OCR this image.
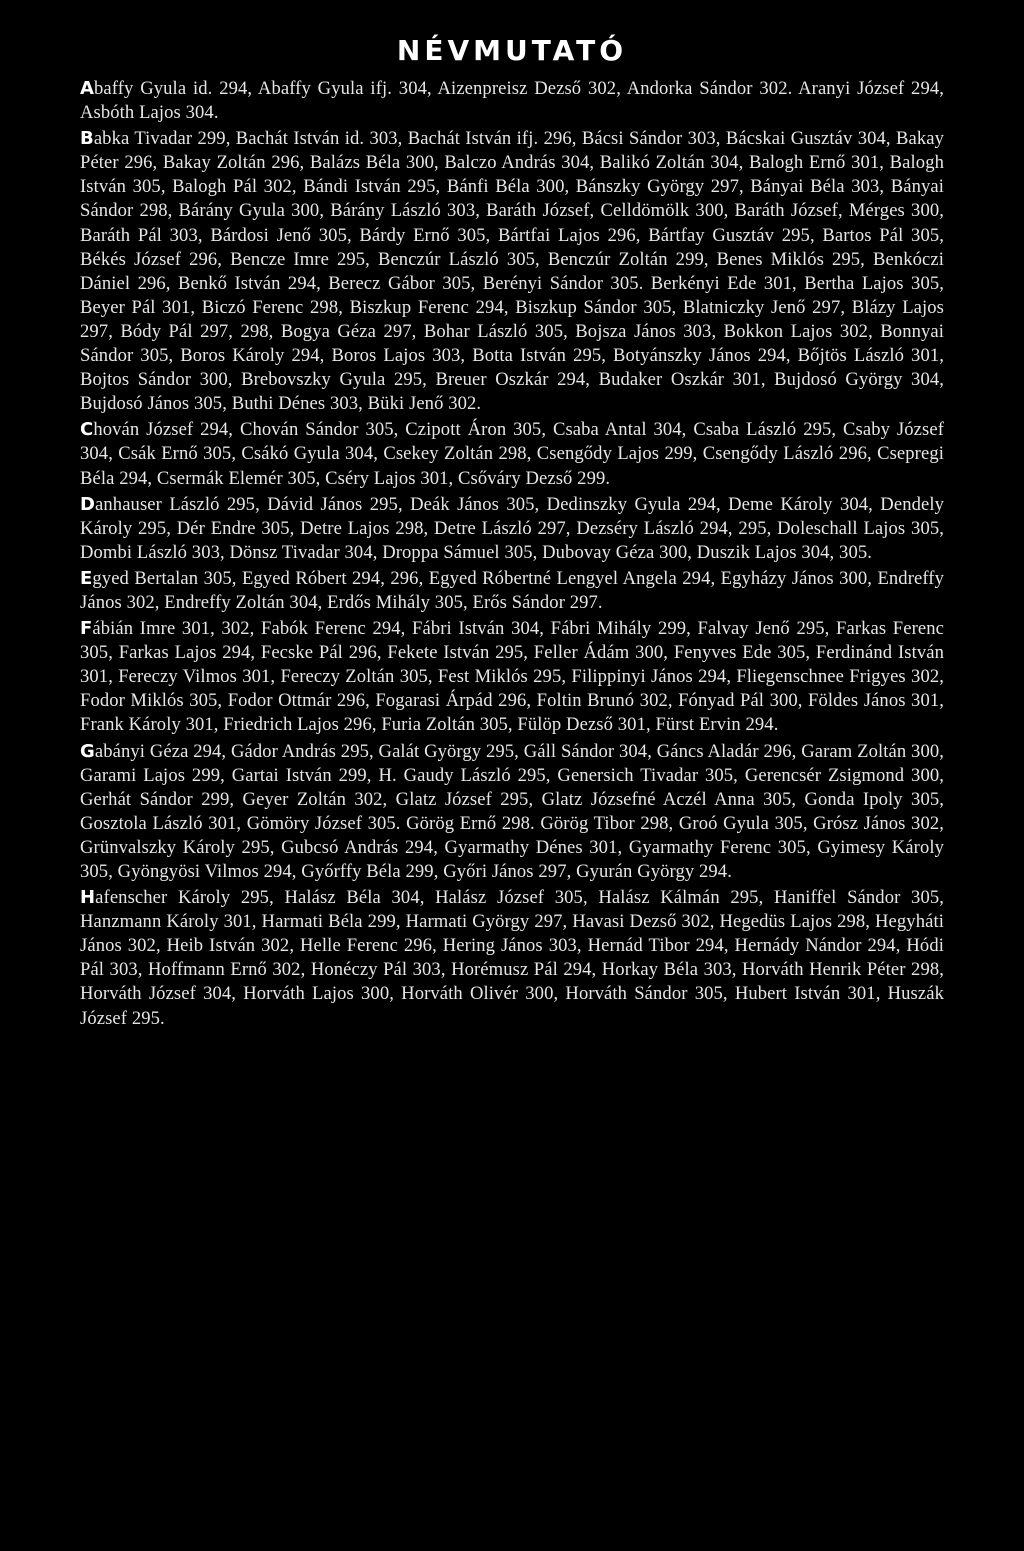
NÉVMUTATÓ

Abaffy Gyula id. 294, Abaffy Gyula ifj. 304, Aizenpreisz Dezső 302, Andorka Sándor 302. Aranyi József 294, Asbóth Lajos 304.

Babka Tivadar 299, Bachát István id. 303, Bachát István ifj. 296, Bácsi Sándor 303, Bácskai Gusztáv 304, Bakay Péter 296, Bakay Zoltán 296, Balázs Béla 300, Balczo András 304, Balikó Zoltán 304, Balogh Ernő 301, Balogh István 305, Balogh Pál 302, Bándi István 295, Bánfi Béla 300, Bánszky György 297, Bányai Béla 303, Bányai Sándor 298, Bárány Gyula 300, Bárány László 303, Baráth József, Celldömölk 300, Baráth József, Mérges 300, Baráth Pál 303, Bárdosi Jenő 305, Bárdy Ernő 305, Bártfai Lajos 296, Bártfay Gusztáv 295, Bartos Pál 305, Békés József 296, Bencze Imre 295, Benczúr László 305, Benczúr Zoltán 299, Benes Miklós 295, Benkóczi Dániel 296, Benkő István 294, Berecz Gábor 305, Berényi Sándor 305. Berkényi Ede 301, Bertha Lajos 305, Beyer Pál 301, Biczó Ferenc 298, Biszkup Ferenc 294, Biszkup Sándor 305, Blatniczky Jenő 297, Blázy Lajos 297, Bódy Pál 297, 298, Bogya Géza 297, Bohar László 305, Bojsza János 303, Bokkon Lajos 302, Bonnyai Sándor 305, Boros Károly 294, Boros Lajos 303, Botta István 295, Botyánszky János 294, Bőjtös László 301, Bojtos Sándor 300, Brebovszky Gyula 295, Breuer Oszkár 294, Budaker Oszkár 301, Bujdosó György 304, Bujdosó János 305, Buthi Dénes 303, Büki Jenő 302.

Chován József 294, Chován Sándor 305, Czipott Áron 305, Csaba Antal 304, Csaba László 295, Csaby József 304, Csák Ernő 305, Csákó Gyula 304, Csekey Zoltán 298, Csengődy Lajos 299, Csengődy László 296, Csepregi Béla 294, Csermák Elemér 305, Cséry Lajos 301, Csőváry Dezső 299.

Danhauser László 295, Dávid János 295, Deák János 305, Dedinszky Gyula 294, Deme Károly 304, Dendely Károly 295, Dér Endre 305, Detre Lajos 298, Detre László 297, Dezséry László 294, 295, Doleschall Lajos 305, Dombi László 303, Dönsz Tivadar 304, Droppa Sámuel 305, Dubovay Géza 300, Duszik Lajos 304, 305.

Egyed Bertalan 305, Egyed Róbert 294, 296, Egyed Róbertné Lengyel Angela 294, Egyházy János 300, Endreffy János 302, Endreffy Zoltán 304, Erdős Mihály 305, Erős Sándor 297.

Fábián Imre 301, 302, Fabók Ferenc 294, Fábri István 304, Fábri Mihály 299, Falvay Jenő 295, Farkas Ferenc 305, Farkas Lajos 294, Fecske Pál 296, Fekete István 295, Feller Ádám 300, Fenyves Ede 305, Ferdinánd István 301, Fereczy Vilmos 301, Fereczy Zoltán 305, Fest Miklós 295, Filippinyi János 294, Fliegenschnee Frigyes 302, Fodor Miklós 305, Fodor Ottmár 296, Fogarasi Árpád 296, Foltin Brunó 302, Fónyad Pál 300, Földes János 301, Frank Károly 301, Friedrich Lajos 296, Furia Zoltán 305, Fülöp Dezső 301, Fürst Ervin 294.

Gabányi Géza 294, Gádor András 295, Galát György 295, Gáll Sándor 304, Gáncs Aladár 296, Garam Zoltán 300, Garami Lajos 299, Gartai István 299, H. Gaudy László 295, Genersich Tivadar 305, Gerencsér Zsigmond 300, Gerhát Sándor 299, Geyer Zoltán 302, Glatz József 295, Glatz Józsefné Aczél Anna 305, Gonda Ipoly 305, Gosztola László 301, Gömöry József 305. Görög Ernő 298. Görög Tibor 298, Groó Gyula 305, Grósz János 302, Grünvalszky Károly 295, Gubcsó András 294, Gyarmathy Dénes 301, Gyarmathy Ferenc 305, Gyimesy Károly 305, Gyöngyösi Vilmos 294, Győrffy Béla 299, Győri János 297, Gyurán György 294.

Hafenscher Károly 295, Halász Béla 304, Halász József 305, Halász Kálmán 295, Haniffel Sándor 305, Hanzmann Károly 301, Harmati Béla 299, Harmati György 297, Havasi Dezső 302, Hegedüs Lajos 298, Hegyháti János 302, Heib István 302, Helle Ferenc 296, Hering János 303, Hernád Tibor 294, Hernády Nándor 294, Hódi Pál 303, Hoffmann Ernő 302, Honéczy Pál 303, Horémusz Pál 294, Horkay Béla 303, Horváth Henrik Péter 298, Horváth József 304, Horváth Lajos 300, Horváth Olivér 300, Horváth Sándor 305, Hubert István 301, Huszák József 295.
